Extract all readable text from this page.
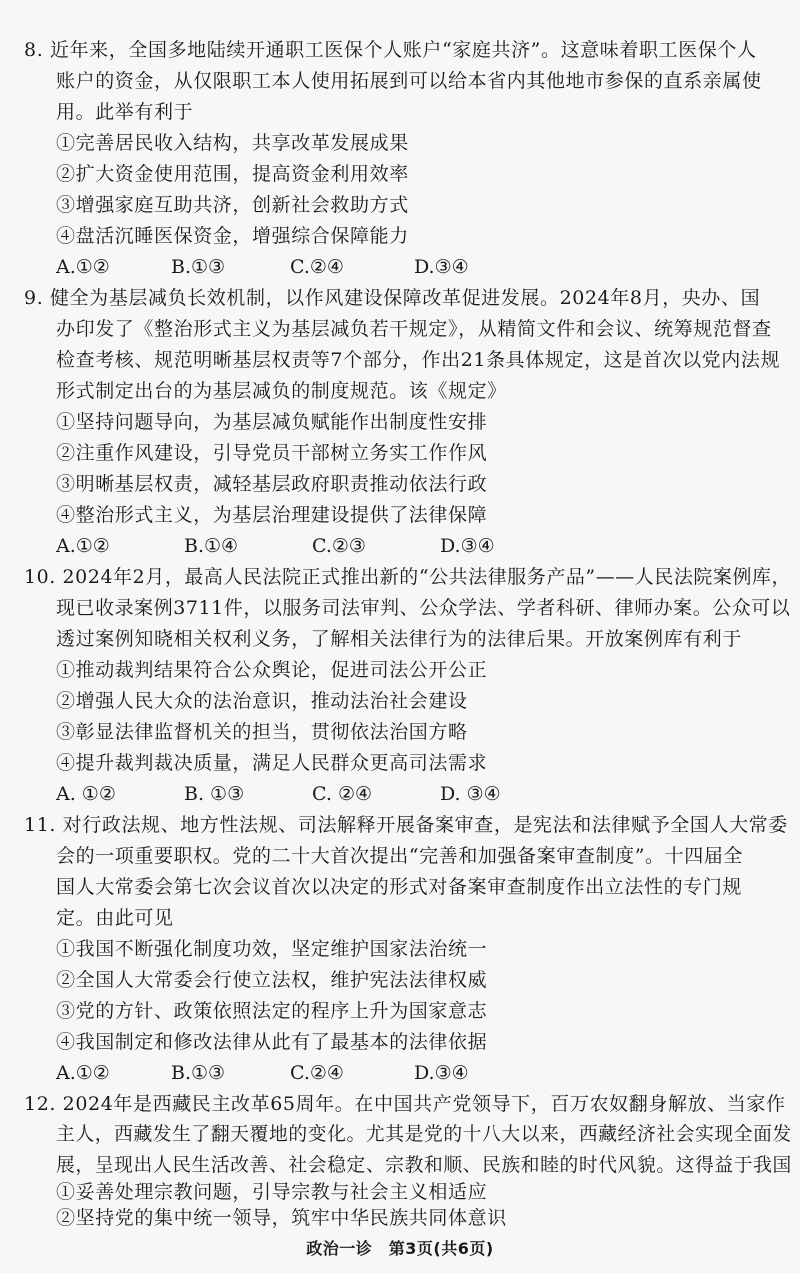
8. 近年来，全国多地陆续开通职工医保个人账户“家庭共济”。这意味着职工医保个人
账户的资金，从仅限职工本人使用拓展到可以给本省内其他地市参保的直系亲属使
用。此举有利于
①完善居民收入结构，共享改革发展成果
②扩大资金使用范围，提高资金利用效率
③增强家庭互助共济，创新社会救助方式
④盘活沉睡医保资金，增强综合保障能力
A.①②	B.①③	C.②④	D.③④
9. 健全为基层减负长效机制，以作风建设保障改革促进发展。2024年8月，央办、国
办印发了《整治形式主义为基层减负若干规定》，从精简文件和会议、统筹规范督查
检查考核、规范明晰基层权责等7个部分，作出21条具体规定，这是首次以党内法规
形式制定出台的为基层减负的制度规范。该《规定》
①坚持问题导向，为基层减负赋能作出制度性安排
②注重作风建设，引导党员干部树立务实工作作风
③明晰基层权责，减轻基层政府职责推动依法行政
④整治形式主义，为基层治理建设提供了法律保障
A.①②	B.①④	C.②③	D.③④
10. 2024年2月，最高人民法院正式推出新的“公共法律服务产品”——人民法院案例库，
现已收录案例3711件，以服务司法审判、公众学法、学者科研、律师办案。公众可以
透过案例知晓相关权利义务，了解相关法律行为的法律后果。开放案例库有利于
①推动裁判结果符合公众舆论，促进司法公开公正
②增强人民大众的法治意识，推动法治社会建设
③彰显法律监督机关的担当，贯彻依法治国方略
④提升裁判裁决质量，满足人民群众更高司法需求
A. ①②	B. ①③	C. ②④	D. ③④
11. 对行政法规、地方性法规、司法解释开展备案审查，是宪法和法律赋予全国人大常委
会的一项重要职权。党的二十大首次提出“完善和加强备案审查制度”。十四届全
国人大常委会第七次会议首次以决定的形式对备案审查制度作出立法性的专门规
定。由此可见
①我国不断强化制度功效，坚定维护国家法治统一
②全国人大常委会行使立法权，维护宪法法律权威
③党的方针、政策依照法定的程序上升为国家意志
④我国制定和修改法律从此有了最基本的法律依据
A.①②	B.①③	C.②④	D.③④
12. 2024年是西藏民主改革65周年。在中国共产党领导下，百万农奴翻身解放、当家作
主人，西藏发生了翻天覆地的变化。尤其是党的十八大以来，西藏经济社会实现全面发
展，呈现出人民生活改善、社会稳定、宗教和顺、民族和睦的时代风貌。这得益于我国
①妥善处理宗教问题，引导宗教与社会主义相适应
②坚持党的集中统一领导，筑牢中华民族共同体意识
政治一诊　第3页(共6页)
